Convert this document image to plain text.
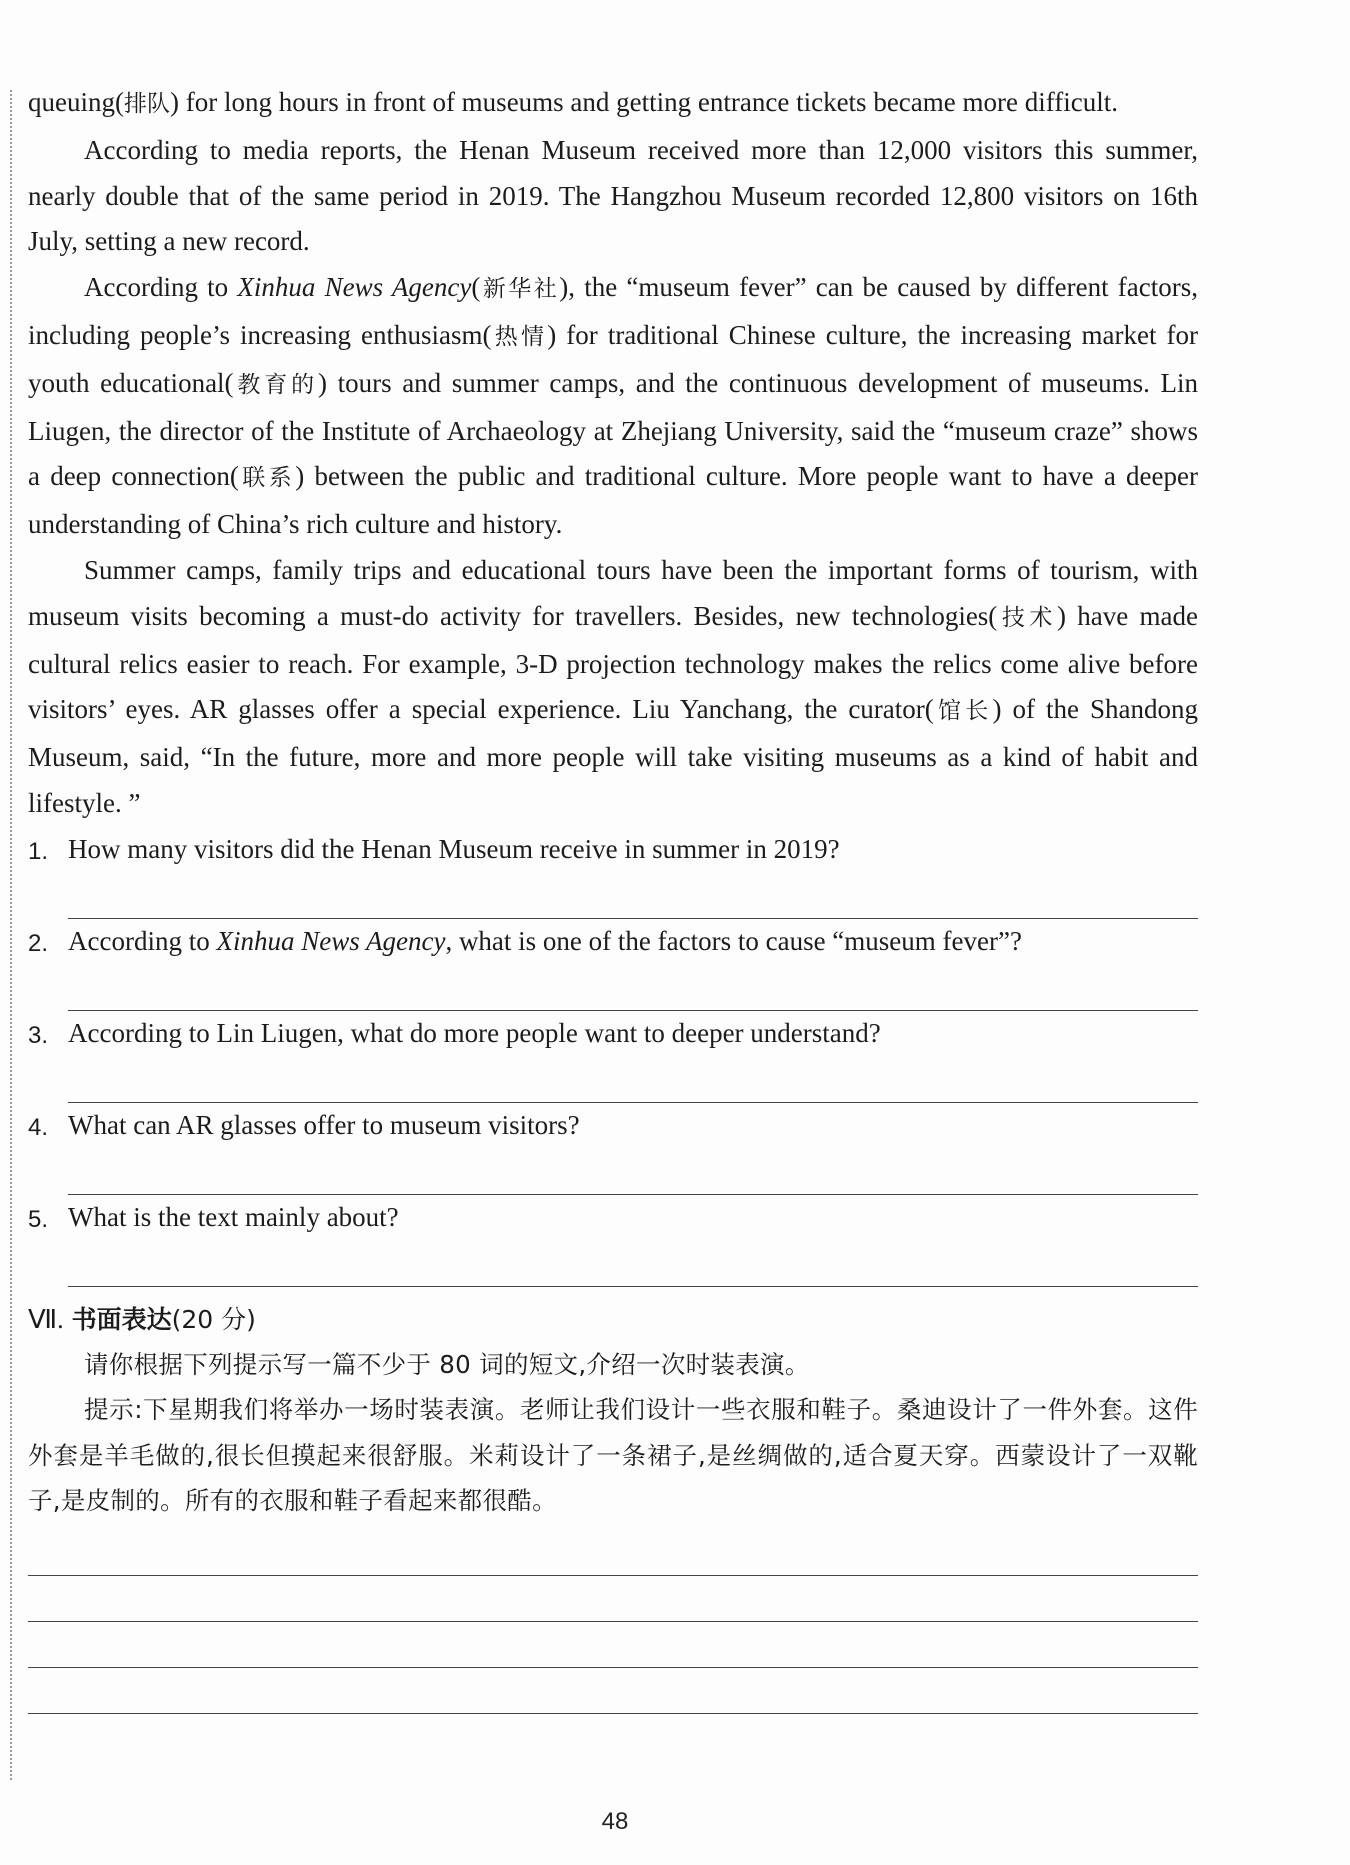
queuing(排队) for long hours in front of museums and getting entrance tickets became more difficult.

According to media reports, the Henan Museum received more than 12,000 visitors this summer, nearly double that of the same period in 2019. The Hangzhou Museum recorded 12,800 visitors on 16th July, setting a new record.

According to Xinhua News Agency(新华社), the “museum fever” can be caused by different factors, including people’s increasing enthusiasm(热情) for traditional Chinese culture, the increasing market for youth educational(教育的) tours and summer camps, and the continuous development of museums. Lin Liugen, the director of the Institute of Archaeology at Zhejiang University, said the “museum craze” shows a deep connection(联系) between the public and traditional culture. More people want to have a deeper understanding of China’s rich culture and history.

Summer camps, family trips and educational tours have been the important forms of tourism, with museum visits becoming a must-do activity for travellers. Besides, new technologies(技术) have made cultural relics easier to reach. For example, 3-D projection technology makes the relics come alive before visitors’ eyes. AR glasses offer a special experience. Liu Yanchang, the curator(馆长) of the Shandong Museum, said, “In the future, more and more people will take visiting museums as a kind of habit and lifestyle. ”

1. How many visitors did the Henan Museum receive in summer in 2019?

2. According to Xinhua News Agency, what is one of the factors to cause “museum fever”?

3. According to Lin Liugen, what do more people want to deeper understand?

4. What can AR glasses offer to museum visitors?

5. What is the text mainly about?

Ⅶ. 书面表达(20 分)

请你根据下列提示写一篇不少于 80 词的短文,介绍一次时装表演。

提示:下星期我们将举办一场时装表演。老师让我们设计一些衣服和鞋子。桑迪设计了一件外套。这件外套是羊毛做的,很长但摸起来很舒服。米莉设计了一条裙子,是丝绸做的,适合夏天穿。西蒙设计了一双靴子,是皮制的。所有的衣服和鞋子看起来都很酷。

48
